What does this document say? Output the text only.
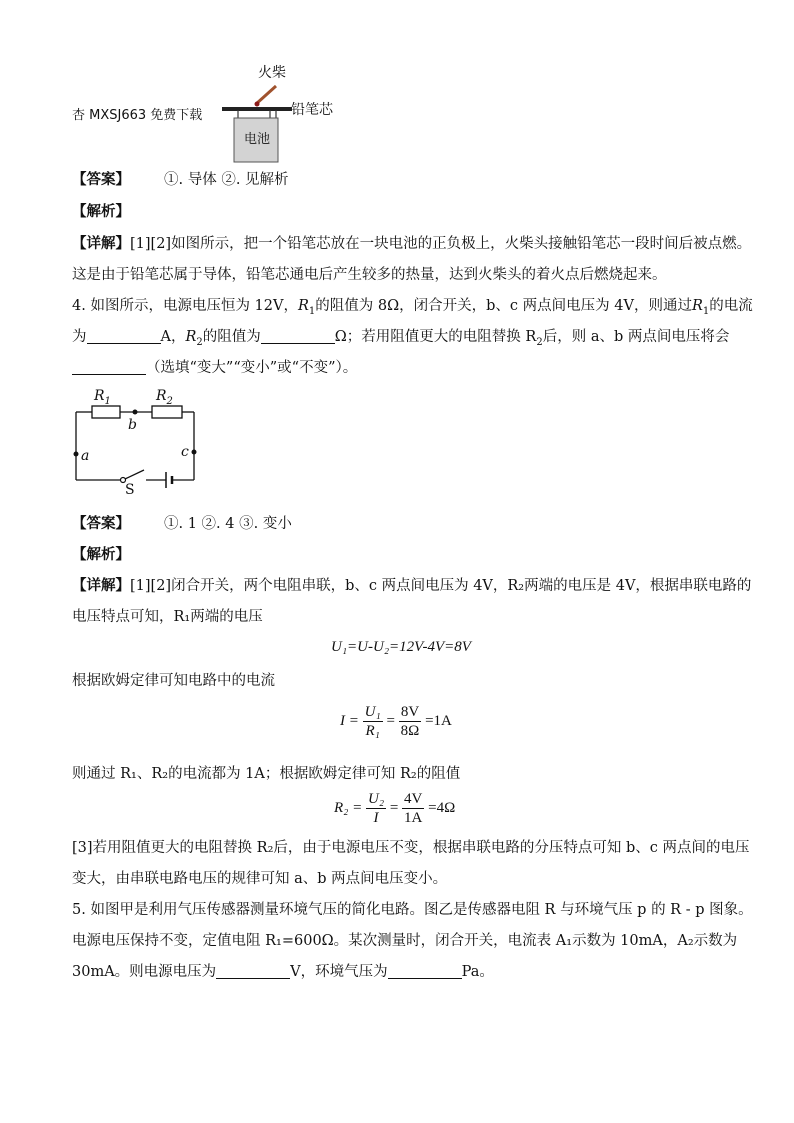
火柴
杏 MXSJ663 免费下载	铅笔芯
电池
【答案】 ①. 导体 ②. 见解析
【解析】
【详解】[1][2]如图所示，把一个铅笔芯放在一块电池的正负极上，火柴头接触铅笔芯一段时间后被点燃。
这是由于铅笔芯属于导体，铅笔芯通电后产生较多的热量，达到火柴头的着火点后燃烧起来。
4. 如图所示，电源电压恒为 12V，$R_1$的阻值为 8Ω，闭合开关，b、c 两点间电压为 4V，则通过$R_1$的电流
为	A，$R_2$的阻值为	Ω；若用阻值更大的电阻替换 $R_2$后，则 a、b 两点间电压将会
（选填“变大”“变小”或“不变”）。
$R_1$	$R_2$
b
a	c
S
【答案】 ①. 1 ②. 4 ③. 变小
【解析】
【详解】[1][2]闭合开关，两个电阻串联，b、c 两点间电压为 4V，R₂两端的电压是 4V，根据串联电路的
电压特点可知，R₁两端的电压
U₁=U-U₂=12V-4V=8V
根据欧姆定律可知电路中的电流
$I = \frac{\text{U₁}}{\text{R₁}} = \frac{8V}{8\Omega} =1A$
则通过 R₁、R₂的电流都为 1A；根据欧姆定律可知 R₂的阻值
$R_2 = \frac{\text{U₂}}{I} = \frac{4V}{1A} =4\Omega$
[3]若用阻值更大的电阻替换 R₂后，由于电源电压不变，根据串联电路的分压特点可知 b、c 两点间的电压
变大，由串联电路电压的规律可知 a、b 两点间电压变小。
5. 如图甲是利用气压传感器测量环境气压的简化电路。图乙是传感器电阻 R 与环境气压 p 的 R - p 图象。
电源电压保持不变，定值电阻 R₁=600Ω。某次测量时，闭合开关，电流表 A₁示数为 10mA，A₂示数为
30mA。则电源电压为	V，环境气压为	Pa。
